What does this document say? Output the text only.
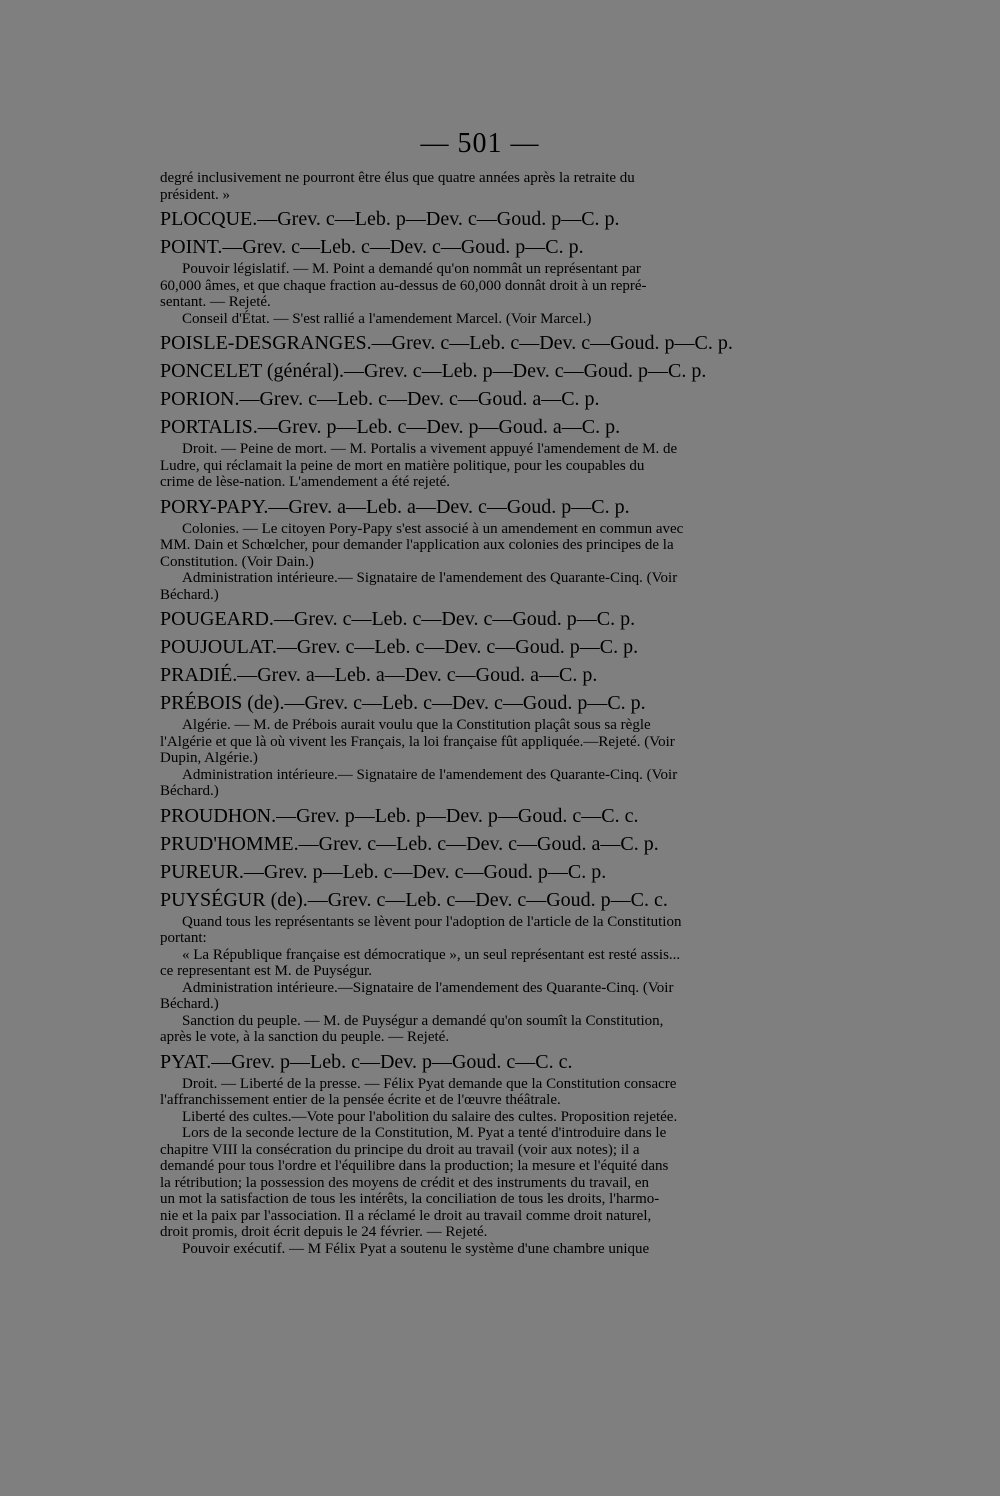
— 501 —
degré inclusivement ne pourront être élus que quatre années après la retraite du
président. »
PLOCQUE.—Grev. c—Leb. p—Dev. c—Goud. p—C. p.
POINT.—Grev. c—Leb. c—Dev. c—Goud. p—C. p.
Pouvoir législatif. — M. Point a demandé qu'on nommât un représentant par
60,000 âmes, et que chaque fraction au-dessus de 60,000 donnât droit à un repré-
sentant. — Rejeté.
Conseil d'État. — S'est rallié a l'amendement Marcel. (Voir Marcel.)
POISLE-DESGRANGES.—Grev. c—Leb. c—Dev. c—Goud. p—C. p.
PONCELET (général).—Grev. c—Leb. p—Dev. c—Goud. p—C. p.
PORION.—Grev. c—Leb. c—Dev. c—Goud. a—C. p.
PORTALIS.—Grev. p—Leb. c—Dev. p—Goud. a—C. p.
Droit. — Peine de mort. — M. Portalis a vivement appuyé l'amendement de M. de
Ludre, qui réclamait la peine de mort en matière politique, pour les coupables du
crime de lèse-nation. L'amendement a été rejeté.
PORY-PAPY.—Grev. a—Leb. a—Dev. c—Goud. p—C. p.
Colonies. — Le citoyen Pory-Papy s'est associé à un amendement en commun avec
MM. Dain et Schœlcher, pour demander l'application aux colonies des principes de la
Constitution. (Voir Dain.)
Administration intérieure.— Signataire de l'amendement des Quarante-Cinq. (Voir
Béchard.)
POUGEARD.—Grev. c—Leb. c—Dev. c—Goud. p—C. p.
POUJOULAT.—Grev. c—Leb. c—Dev. c—Goud. p—C. p.
PRADIÉ.—Grev. a—Leb. a—Dev. c—Goud. a—C. p.
PRÉBOIS (de).—Grev. c—Leb. c—Dev. c—Goud. p—C. p.
Algérie. — M. de Prébois aurait voulu que la Constitution plaçât sous sa règle
l'Algérie et que là où vivent les Français, la loi française fût appliquée.—Rejeté. (Voir
Dupin, Algérie.)
Administration intérieure.— Signataire de l'amendement des Quarante-Cinq. (Voir
Béchard.)
PROUDHON.—Grev. p—Leb. p—Dev. p—Goud. c—C. c.
PRUD'HOMME.—Grev. c—Leb. c—Dev. c—Goud. a—C. p.
PUREUR.—Grev. p—Leb. c—Dev. c—Goud. p—C. p.
PUYSÉGUR (de).—Grev. c—Leb. c—Dev. c—Goud. p—C. c.
Quand tous les représentants se lèvent pour l'adoption de l'article de la Constitution
portant:
« La République française est démocratique », un seul représentant est resté assis...
ce representant est M. de Puységur.
Administration intérieure.—Signataire de l'amendement des Quarante-Cinq. (Voir
Béchard.)
Sanction du peuple. — M. de Puységur a demandé qu'on soumît la Constitution,
après le vote, à la sanction du peuple. — Rejeté.
PYAT.—Grev. p—Leb. c—Dev. p—Goud. c—C. c.
Droit. — Liberté de la presse. — Félix Pyat demande que la Constitution consacre
l'affranchissement entier de la pensée écrite et de l'œuvre théâtrale.
Liberté des cultes.—Vote pour l'abolition du salaire des cultes. Proposition rejetée.
Lors de la seconde lecture de la Constitution, M. Pyat a tenté d'introduire dans le
chapitre VIII la consécration du principe du droit au travail (voir aux notes); il a
demandé pour tous l'ordre et l'équilibre dans la production; la mesure et l'équité dans
la rétribution; la possession des moyens de crédit et des instruments du travail, en
un mot la satisfaction de tous les intérêts, la conciliation de tous les droits, l'harmo-
nie et la paix par l'association. Il a réclamé le droit au travail comme droit naturel,
droit promis, droit écrit depuis le 24 février. — Rejeté.
Pouvoir exécutif. — M Félix Pyat a soutenu le système d'une chambre unique
